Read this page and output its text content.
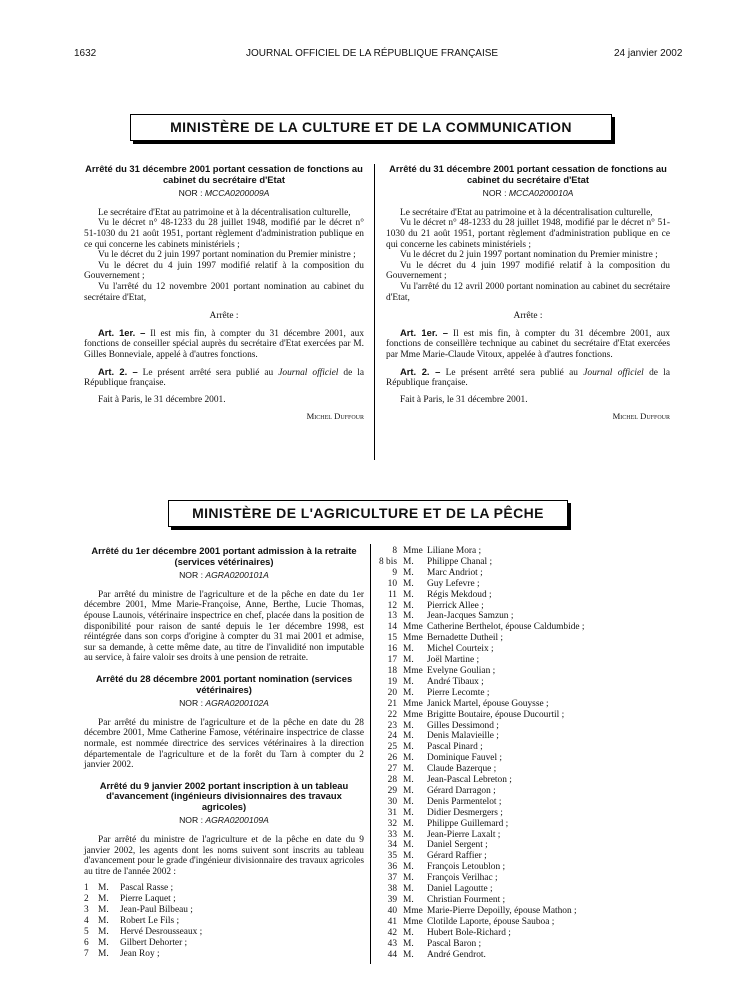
1632	JOURNAL OFFICIEL DE LA RÉPUBLIQUE FRANÇAISE	24 janvier 2002
MINISTÈRE DE LA CULTURE ET DE LA COMMUNICATION

Arrêté du 31 décembre 2001 portant cessation de fonctions au cabinet du secrétaire d'Etat

NOR : MCCA0200009A

Le secrétaire d'Etat au patrimoine et à la décentralisation culturelle,

Vu le décret n° 48-1233 du 28 juillet 1948, modifié par le décret n° 51-1030 du 21 août 1951, portant règlement d'administration publique en ce qui concerne les cabinets ministériels ;

Vu le décret du 2 juin 1997 portant nomination du Premier ministre ;

Vu le décret du 4 juin 1997 modifié relatif à la composition du Gouvernement ;

Vu l'arrêté du 12 novembre 2001 portant nomination au cabinet du secrétaire d'Etat,

Arrête :

Art. 1er. – Il est mis fin, à compter du 31 décembre 2001, aux fonctions de conseiller spécial auprès du secrétaire d'Etat exercées par M. Gilles Bonneviale, appelé à d'autres fonctions.

Art. 2. – Le présent arrêté sera publié au Journal officiel de la République française.

Fait à Paris, le 31 décembre 2001.

Michel Duffour

Arrêté du 31 décembre 2001 portant cessation de fonctions au cabinet du secrétaire d'Etat

NOR : MCCA0200010A

Le secrétaire d'Etat au patrimoine et à la décentralisation culturelle,

Vu le décret n° 48-1233 du 28 juillet 1948, modifié par le décret n° 51-1030 du 21 août 1951, portant règlement d'administration publique en ce qui concerne les cabinets ministériels ;

Vu le décret du 2 juin 1997 portant nomination du Premier ministre ;

Vu le décret du 4 juin 1997 modifié relatif à la composition du Gouvernement ;

Vu l'arrêté du 12 avril 2000 portant nomination au cabinet du secrétaire d'Etat,

Arrête :

Art. 1er. – Il est mis fin, à compter du 31 décembre 2001, aux fonctions de conseillère technique au cabinet du secrétaire d'Etat exercées par Mme Marie-Claude Vitoux, appelée à d'autres fonctions.

Art. 2. – Le présent arrêté sera publié au Journal officiel de la République française.

Fait à Paris, le 31 décembre 2001.

Michel Duffour

MINISTÈRE DE L'AGRICULTURE ET DE LA PÊCHE

Arrêté du 1er décembre 2001 portant admission à la retraite (services vétérinaires)

NOR : AGRA0200101A

Par arrêté du ministre de l'agriculture et de la pêche en date du 1er décembre 2001, Mme Marie-Françoise, Anne, Berthe, Lucie Thomas, épouse Launois, vétérinaire inspectrice en chef, placée dans la position de disponibilité pour raison de santé depuis le 1er décembre 1998, est réintégrée dans son corps d'origine à compter du 31 mai 2001 et admise, sur sa demande, à cette même date, au titre de l'invalidité non imputable au service, à faire valoir ses droits à une pension de retraite.

Arrêté du 28 décembre 2001 portant nomination (services vétérinaires)

NOR : AGRA0200102A

Par arrêté du ministre de l'agriculture et de la pêche en date du 28 décembre 2001, Mme Catherine Famose, vétérinaire inspectrice de classe normale, est nommée directrice des services vétérinaires à la direction départementale de l'agriculture et de la forêt du Tarn à compter du 2 janvier 2002.

Arrêté du 9 janvier 2002 portant inscription à un tableau d'avancement (ingénieurs divisionnaires des travaux agricoles)

NOR : AGRA0200109A

Par arrêté du ministre de l'agriculture et de la pêche en date du 9 janvier 2002, les agents dont les noms suivent sont inscrits au tableau d'avancement pour le grade d'ingénieur divisionnaire des travaux agricoles au titre de l'année 2002 :

1 M.	Pascal Rasse ;
2 M.	Pierre Laquet ;
3 M.	Jean-Paul Bilbeau ;
4 M.	Robert Le Fils ;
5 M.	Hervé Desrousseaux ;
6 M.	Gilbert Dehorter ;
7 M.	Jean Roy ;
8 Mme Liliane Mora ;
8 bis M.	Philippe Chanal ;
9 M.	Marc Andriot ;
10 M.	Guy Lefevre ;
11 M.	Régis Mekdoud ;
12 M.	Pierrick Allee ;
13 M.	Jean-Jacques Samzun ;
14 Mme Catherine Berthelot, épouse Caldumbide ;
15 Mme Bernadette Dutheil ;
16 M.	Michel Courteix ;
17 M.	Joël Martine ;
18 Mme Evelyne Goulian ;
19 M.	André Tibaux ;
20 M.	Pierre Lecomte ;
21 Mme Janick Martel, épouse Gouysse ;
22 Mme Brigitte Boutaire, épouse Ducourtil ;
23 M.	Gilles Dessimond ;
24 M.	Denis Malavieille ;
25 M.	Pascal Pinard ;
26 M.	Dominique Fauvel ;
27 M.	Claude Bazerque ;
28 M.	Jean-Pascal Lebreton ;
29 M.	Gérard Darragon ;
30 M.	Denis Parmentelot ;
31 M.	Didier Desmergers ;
32 M.	Philippe Guillemard ;
33 M.	Jean-Pierre Laxalt ;
34 M.	Daniel Sergent ;
35 M.	Gérard Raffier ;
36 M.	François Letoublon ;
37 M.	François Verilhac ;
38 M.	Daniel Lagoutte ;
39 M.	Christian Fourment ;
40 Mme Marie-Pierre Depoilly, épouse Mathon ;
41 Mme Clotilde Laporte, épouse Sauboa ;
42 M.	Hubert Bole-Richard ;
43 M.	Pascal Baron ;
44 M.	André Gendrot.
